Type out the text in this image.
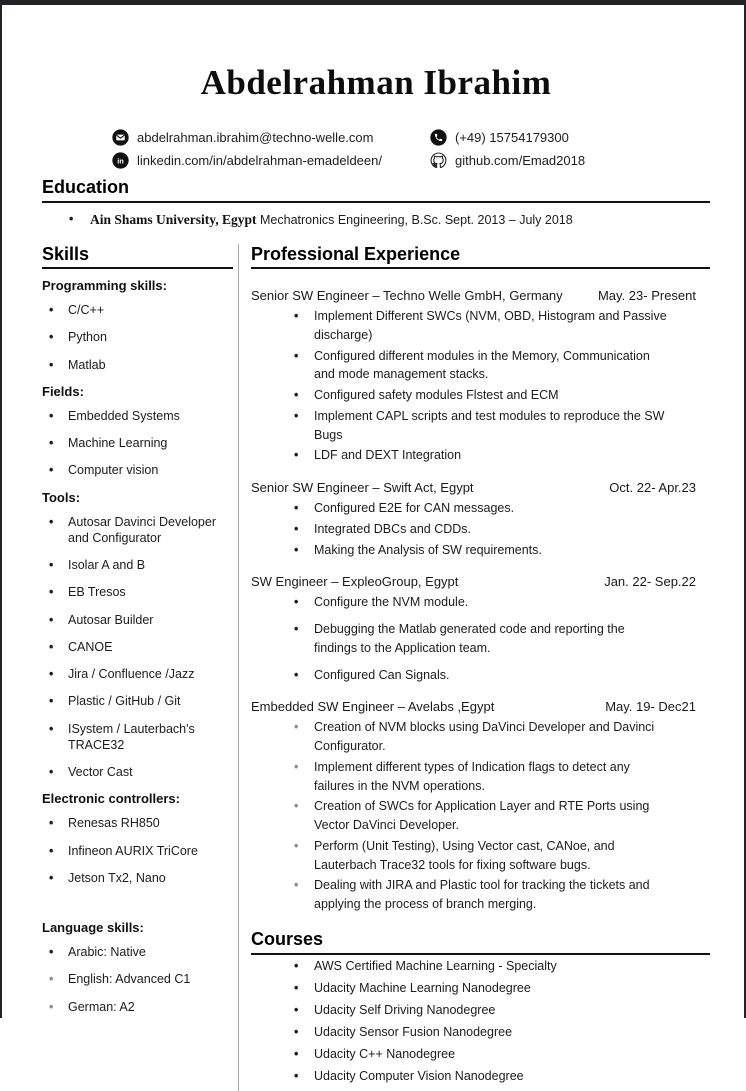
Abdelrahman Ibrahim
abdelrahman.ibrahim@techno-welle.com
in linkedin.com/in/abdelrahman-emadeldeen/
(+49) 15754179300
github.com/Emad2018
Education
• Ain Shams University, Egypt Mechatronics Engineering, B.Sc. Sept. 2013 – July 2018
Skills
Programming skills:
•	C/C++
•	Python
•	Matlab
Fields:
•	Embedded Systems
•	Machine Learning
•	Computer vision
Tools:
•	Autosar Davinci Developer and Configurator
•	Isolar A and B
•	EB Tresos
•	Autosar Builder
•	CANOE
•	Jira / Confluence /Jazz
•	Plastic / GitHub / Git
•	ISystem / Lauterbach's TRACE32
•	Vector Cast
Electronic controllers:
•	Renesas RH850
•	Infineon AURIX TriCore
•	Jetson Tx2, Nano
Language skills:
•	Arabic: Native
•	English: Advanced C1
•	German: A2
Professional Experience
Senior SW Engineer – Techno Welle GmbH, Germany	May. 23- Present
• Implement Different SWCs (NVM, OBD, Histogram and Passive discharge)
• Configured different modules in the Memory, Communication and mode management stacks.
• Configured safety modules Flstest and ECM
• Implement CAPL scripts and test modules to reproduce the SW Bugs
• LDF and DEXT Integration
Senior SW Engineer – Swift Act, Egypt	Oct. 22- Apr.23
• Configured E2E for CAN messages.
• Integrated DBCs and CDDs.
• Making the Analysis of SW requirements.
SW Engineer – ExpleoGroup, Egypt	Jan. 22- Sep.22
• Configure the NVM module.
• Debugging the Matlab generated code and reporting the findings to the Application team.
• Configured Can Signals.
Embedded SW Engineer – Avelabs ,Egypt	May. 19- Dec21
• Creation of NVM blocks using DaVinci Developer and Davinci Configurator.
• Implement different types of Indication flags to detect any failures in the NVM operations.
• Creation of SWCs for Application Layer and RTE Ports using Vector DaVinci Developer.
• Perform (Unit Testing), Using Vector cast, CANoe, and Lauterbach Trace32 tools for fixing software bugs.
• Dealing with JIRA and Plastic tool for tracking the tickets and applying the process of branch merging.
Courses
• AWS Certified Machine Learning - Specialty
• Udacity Machine Learning Nanodegree
• Udacity Self Driving Nanodegree
• Udacity Sensor Fusion Nanodegree
• Udacity C++ Nanodegree
• Udacity Computer Vision Nanodegree
